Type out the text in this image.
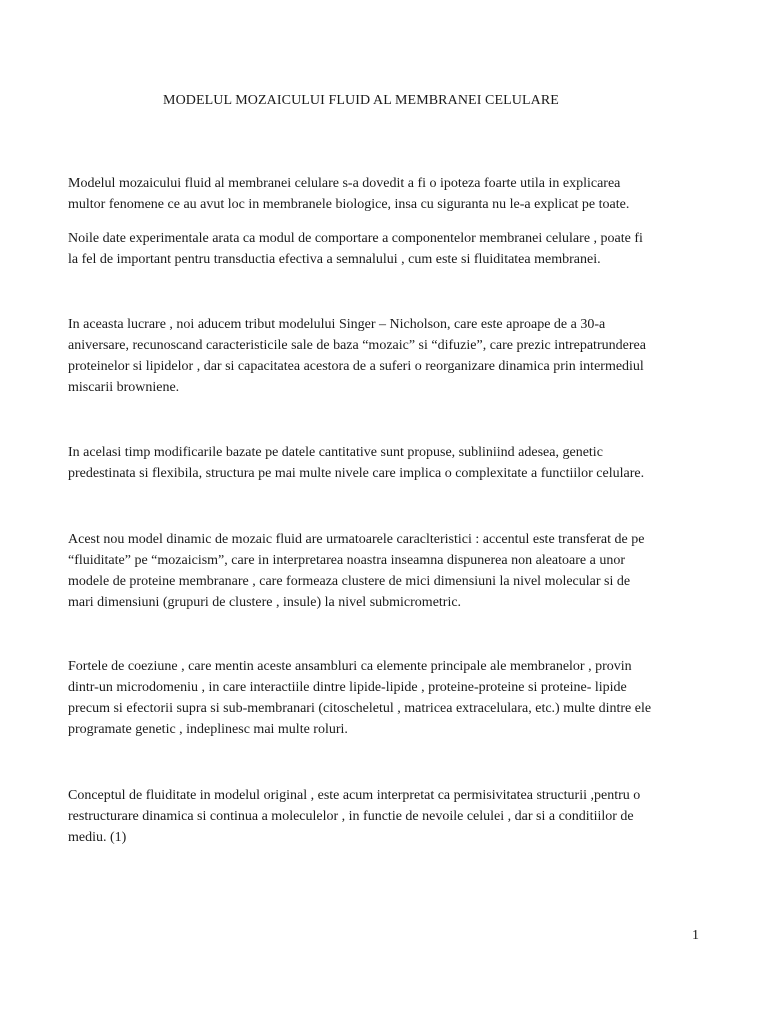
MODELUL MOZAICULUI FLUID AL MEMBRANEI CELULARE

Modelul mozaicului fluid al membranei celulare s-a dovedit a fi o ipoteza foarte utila in explicarea
multor fenomene ce au avut loc in membranele biologice, insa cu siguranta nu le-a explicat pe toate.

Noile date experimentale arata ca modul de comportare a componentelor membranei celulare , poate fi
la fel de important pentru transductia efectiva a semnalului , cum este si fluiditatea membranei.

In aceasta lucrare , noi aducem tribut modelului Singer – Nicholson, care este aproape de a 30-a
aniversare, recunoscand caracteristicile sale de baza “mozaic” si “difuzie”, care prezic intrepatrunderea
proteinelor si lipidelor , dar si capacitatea acestora de a suferi o reorganizare dinamica prin intermediul
miscarii browniene.

In acelasi timp modificarile bazate pe datele cantitative sunt propuse, subliniind adesea, genetic
predestinata si flexibila, structura pe mai multe nivele care implica o complexitate a functiilor celulare.

Acest nou model dinamic de mozaic fluid are urmatoarele caraclteristici : accentul este transferat de pe
“fluiditate” pe “mozaicism”, care in interpretarea noastra inseamna dispunerea non aleatoare a unor
modele de proteine membranare , care formeaza clustere de mici dimensiuni la nivel molecular si de
mari dimensiuni (grupuri de clustere , insule) la nivel submicrometric.

Fortele de coeziune , care mentin aceste ansambluri ca elemente principale ale membranelor , provin
dintr-un microdomeniu , in care interactiile dintre lipide-lipide , proteine-proteine si proteine- lipide
precum si efectorii supra si sub-membranari (citoscheletul , matricea extracelulara, etc.) multe dintre ele
programate genetic , indeplinesc mai multe roluri.

Conceptul de fluiditate in modelul original , este acum interpretat ca permisivitatea structurii ,pentru o
restructurare dinamica si continua a moleculelor , in functie de nevoile celulei , dar si a conditiilor de
mediu. (1)

1
